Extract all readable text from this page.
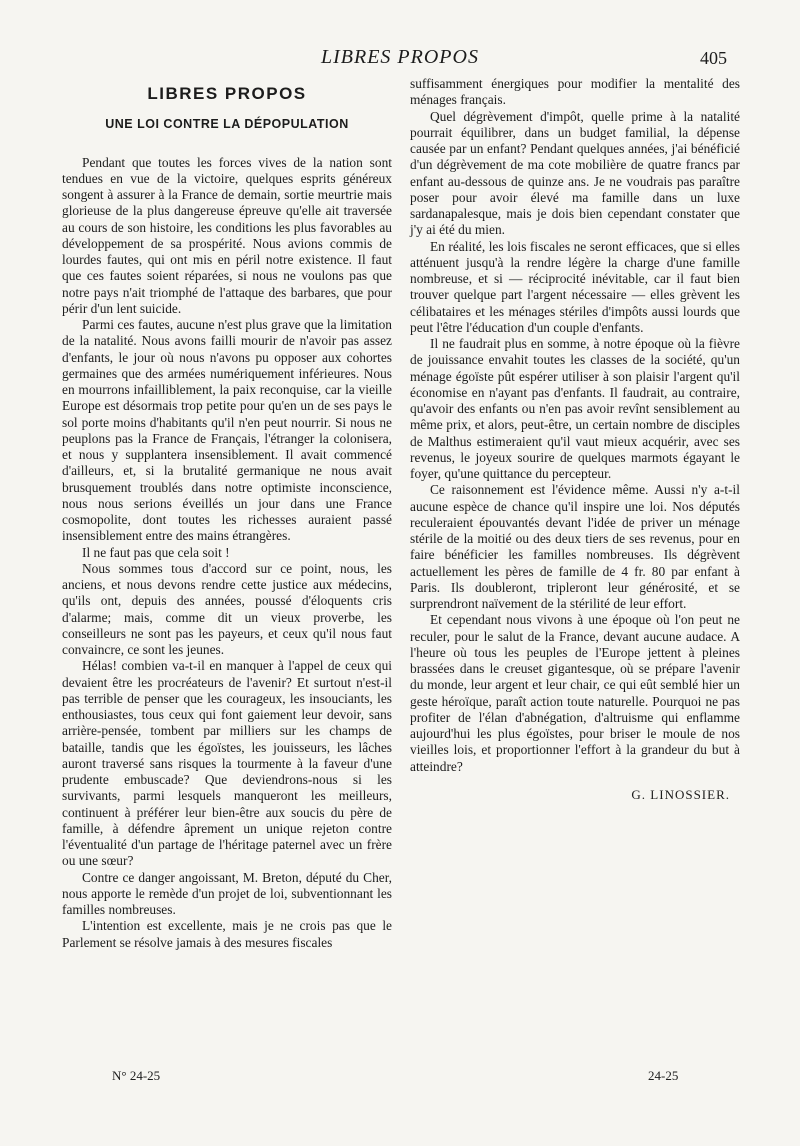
LIBRES PROPOS	405
LIBRES PROPOS
UNE LOI CONTRE LA DÉPOPULATION

Pendant que toutes les forces vives de la nation sont tendues en vue de la victoire, quelques esprits généreux songent à assurer à la France de demain, sortie meurtrie mais glorieuse de la plus dangereuse épreuve qu'elle ait traversée au cours de son histoire, les conditions les plus favorables au développement de sa prospérité. Nous avions commis de lourdes fautes, qui ont mis en péril notre existence. Il faut que ces fautes soient réparées, si nous ne voulons pas que notre pays n'ait triomphé de l'attaque des barbares, que pour périr d'un lent suicide.

Parmi ces fautes, aucune n'est plus grave que la limitation de la natalité. Nous avons failli mourir de n'avoir pas assez d'enfants, le jour où nous n'avons pu opposer aux cohortes germaines que des armées numériquement inférieures. Nous en mourrons infailliblement, la paix reconquise, car la vieille Europe est désormais trop petite pour qu'en un de ses pays le sol porte moins d'habitants qu'il n'en peut nourrir. Si nous ne peuplons pas la France de Français, l'étranger la colonisera, et nous y supplantera insensiblement. Il avait commencé d'ailleurs, et, si la brutalité germanique ne nous avait brusquement troublés dans notre optimiste inconscience, nous nous serions éveillés un jour dans une France cosmopolite, dont toutes les richesses auraient passé insensiblement entre des mains étrangères.

Il ne faut pas que cela soit !

Nous sommes tous d'accord sur ce point, nous, les anciens, et nous devons rendre cette justice aux médecins, qu'ils ont, depuis des années, poussé d'éloquents cris d'alarme; mais, comme dit un vieux proverbe, les conseilleurs ne sont pas les payeurs, et ceux qu'il nous faut convaincre, ce sont les jeunes.

Hélas! combien va-t-il en manquer à l'appel de ceux qui devaient être les procréateurs de l'avenir? Et surtout n'est-il pas terrible de penser que les courageux, les insouciants, les enthousiastes, tous ceux qui font gaiement leur devoir, sans arrière-pensée, tombent par milliers sur les champs de bataille, tandis que les égoïstes, les jouisseurs, les lâches auront traversé sans risques la tourmente à la faveur d'une prudente embuscade? Que deviendrons-nous si les survivants, parmi lesquels manqueront les meilleurs, continuent à préférer leur bien-être aux soucis du père de famille, à défendre âprement un unique rejeton contre l'éventualité d'un partage de l'héritage paternel avec un frère ou une sœur?

Contre ce danger angoissant, M. Breton, député du Cher, nous apporte le remède d'un projet de loi, subventionnant les familles nombreuses.

L'intention est excellente, mais je ne crois pas que le Parlement se résolve jamais à des mesures fiscales

suffisamment énergiques pour modifier la mentalité des ménages français.

Quel dégrèvement d'impôt, quelle prime à la natalité pourrait équilibrer, dans un budget familial, la dépense causée par un enfant? Pendant quelques années, j'ai bénéficié d'un dégrèvement de ma cote mobilière de quatre francs par enfant au-dessous de quinze ans. Je ne voudrais pas paraître poser pour avoir élevé ma famille dans un luxe sardanapalesque, mais je dois bien cependant constater que j'y ai été du mien.

En réalité, les lois fiscales ne seront efficaces, que si elles atténuent jusqu'à la rendre légère la charge d'une famille nombreuse, et si — réciprocité inévitable, car il faut bien trouver quelque part l'argent nécessaire — elles grèvent les célibataires et les ménages stériles d'impôts aussi lourds que peut l'être l'éducation d'un couple d'enfants.

Il ne faudrait plus en somme, à notre époque où la fièvre de jouissance envahit toutes les classes de la société, qu'un ménage égoïste pût espérer utiliser à son plaisir l'argent qu'il économise en n'ayant pas d'enfants. Il faudrait, au contraire, qu'avoir des enfants ou n'en pas avoir revînt sensiblement au même prix, et alors, peut-être, un certain nombre de disciples de Malthus estimeraient qu'il vaut mieux acquérir, avec ses revenus, le joyeux sourire de quelques marmots égayant le foyer, qu'une quittance du percepteur.

Ce raisonnement est l'évidence même. Aussi n'y a-t-il aucune espèce de chance qu'il inspire une loi. Nos députés reculeraient épouvantés devant l'idée de priver un ménage stérile de la moitié ou des deux tiers de ses revenus, pour en faire bénéficier les familles nombreuses. Ils dégrèvent actuellement les pères de famille de 4 fr. 80 par enfant à Paris. Ils doubleront, tripleront leur générosité, et se surprendront naïvement de la stérilité de leur effort.

Et cependant nous vivons à une époque où l'on peut ne reculer, pour le salut de la France, devant aucune audace. A l'heure où tous les peuples de l'Europe jettent à pleines brassées dans le creuset gigantesque, où se prépare l'avenir du monde, leur argent et leur chair, ce qui eût semblé hier un geste héroïque, paraît action toute naturelle. Pourquoi ne pas profiter de l'élan d'abnégation, d'altruisme qui enflamme aujourd'hui les plus égoïstes, pour briser le moule de nos vieilles lois, et proportionner l'effort à la grandeur du but à atteindre?

G. LINOSSIER.
N° 24-25	24-25
